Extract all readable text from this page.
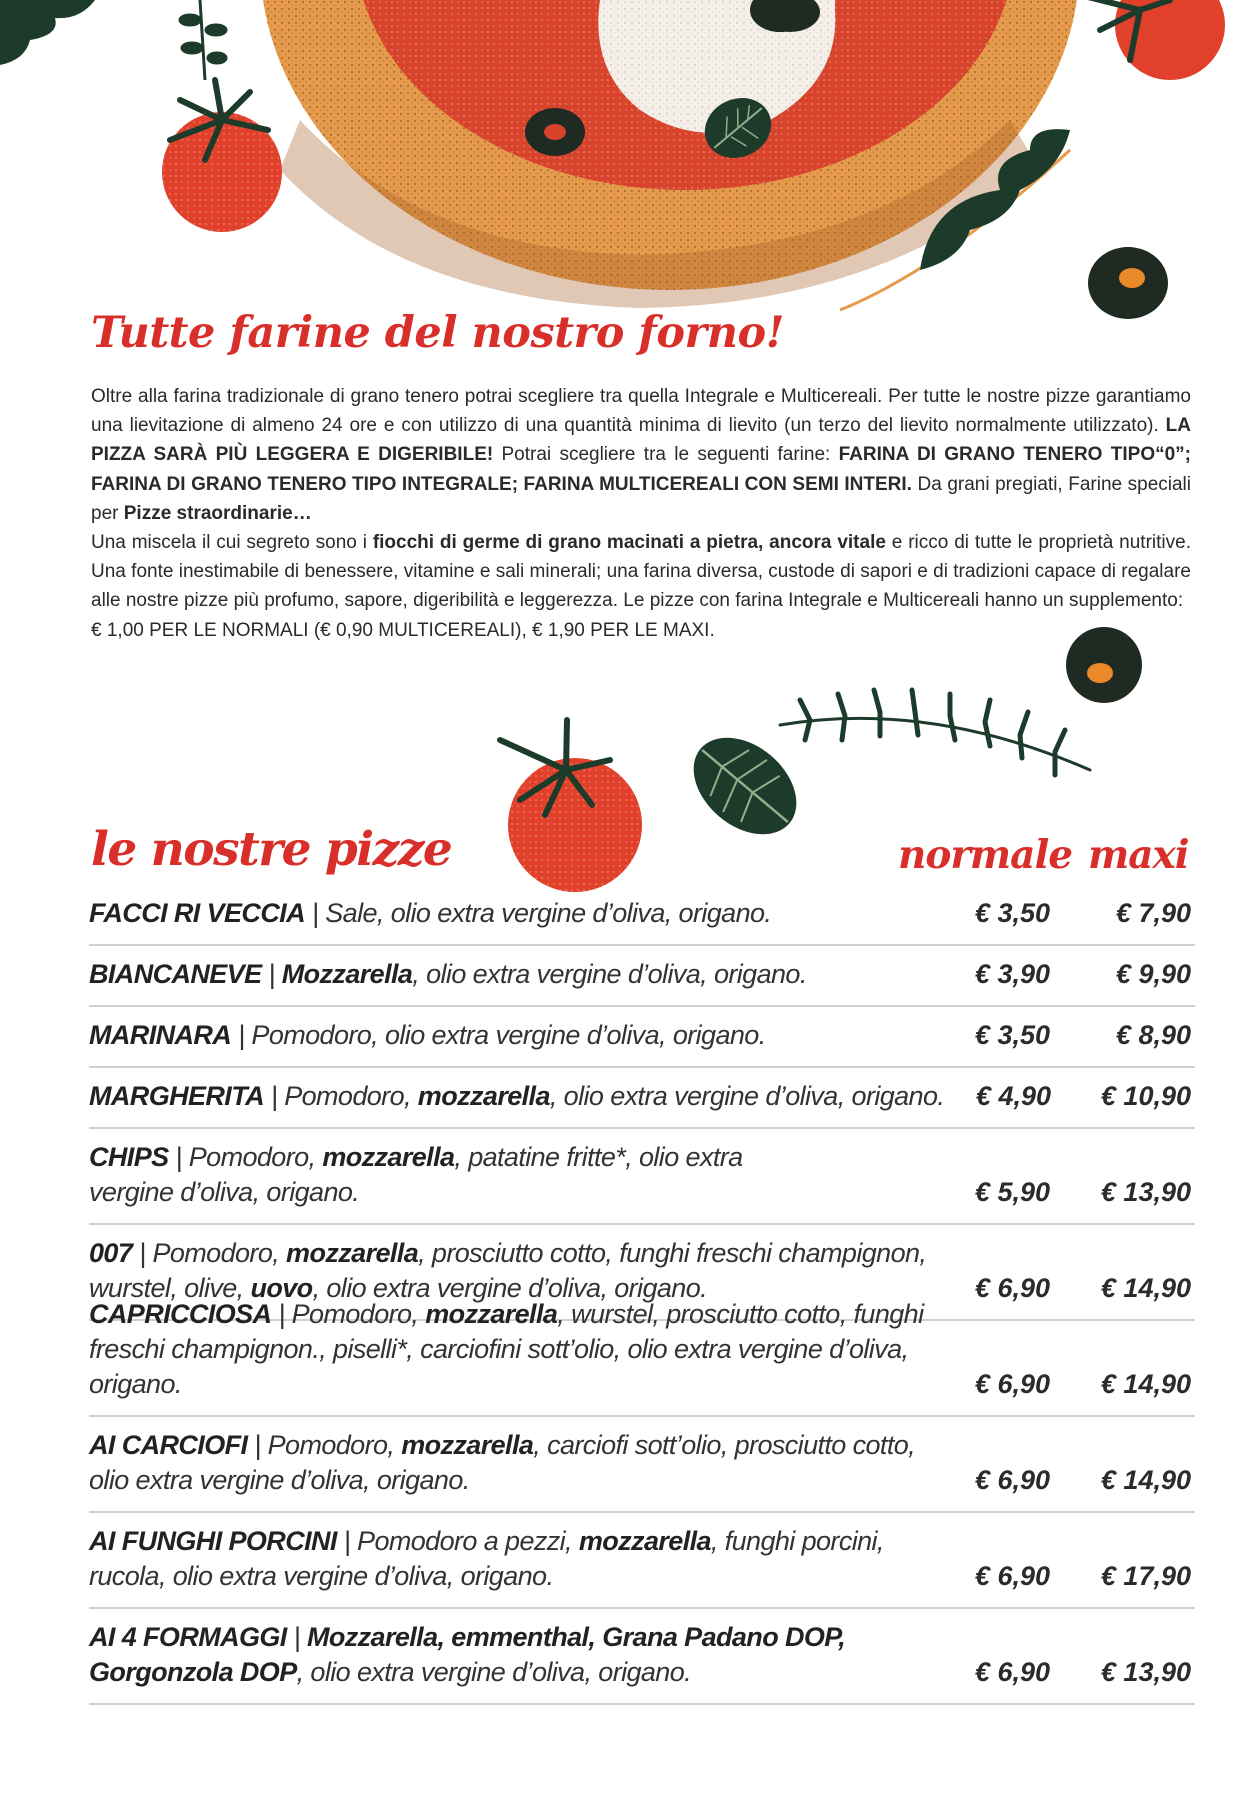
Tutte farine del nostro forno!

Oltre alla farina tradizionale di grano tenero potrai scegliere tra quella Integrale e Multicereali. Per tutte le nostre pizze garantiamo una lievitazione di almeno 24 ore e con utilizzo di una quantità minima di lievito (un terzo del lievito normalmente utilizzato). LA PIZZA SARÀ PIÙ LEGGERA E DIGERIBILE! Potrai scegliere tra le seguenti farine: FARINA DI GRANO TENERO TIPO“0”; FARINA DI GRANO TENERO TIPO INTEGRALE; FARINA MULTICEREALI CON SEMI INTERI. Da grani pregiati, Farine speciali per Pizze straordinarie…

Una miscela il cui segreto sono i fiocchi di germe di grano macinati a pietra, ancora vitale e ricco di tutte le proprietà nutritive. Una fonte inestimabile di benessere, vitamine e sali minerali; una farina diversa, custode di sapori e di tradizioni capace di regalare alle nostre pizze più profumo, sapore, digeribilità e leggerezza. Le pizze con farina Integrale e Multicereali hanno un supplemento:

€ 1,00 PER LE NORMALI (€ 0,90 MULTICEREALI), € 1,90 PER LE MAXI.

le nostre pizze	normale maxi
FACCI RI VECCIA | Sale, olio extra vergine d’oliva, origano.	€ 3,50 € 7,90
BIANCANEVE | Mozzarella, olio extra vergine d’oliva, origano.	€ 3,90 € 9,90
MARINARA | Pomodoro, olio extra vergine d’oliva, origano.	€ 3,50 € 8,90
MARGHERITA | Pomodoro, mozzarella, olio extra vergine d’oliva, origano.	€ 4,90 € 10,90
CHIPS | Pomodoro, mozzarella, patatine fritte*, olio extra vergine d’oliva, origano.	€ 5,90 € 13,90
007 | Pomodoro, mozzarella, prosciutto cotto, funghi freschi champignon, wurstel, olive, uovo, olio extra vergine d’oliva, origano.	€ 6,90 € 14,90
CAPRICCIOSA | Pomodoro, mozzarella, wurstel, prosciutto cotto, funghi freschi champignon., piselli*, carciofini sott’olio, olio extra vergine d’oliva, origano.	€ 6,90 € 14,90
AI CARCIOFI | Pomodoro, mozzarella, carciofi sott’olio, prosciutto cotto, olio extra vergine d’oliva, origano.	€ 6,90 € 14,90
AI FUNGHI PORCINI | Pomodoro a pezzi, mozzarella, funghi porcini, rucola, olio extra vergine d’oliva, origano.	€ 6,90 € 17,90
AI 4 FORMAGGI | Mozzarella, emmenthal, Grana Padano DOP, Gorgonzola DOP, olio extra vergine d’oliva, origano.	€ 6,90 € 13,90
